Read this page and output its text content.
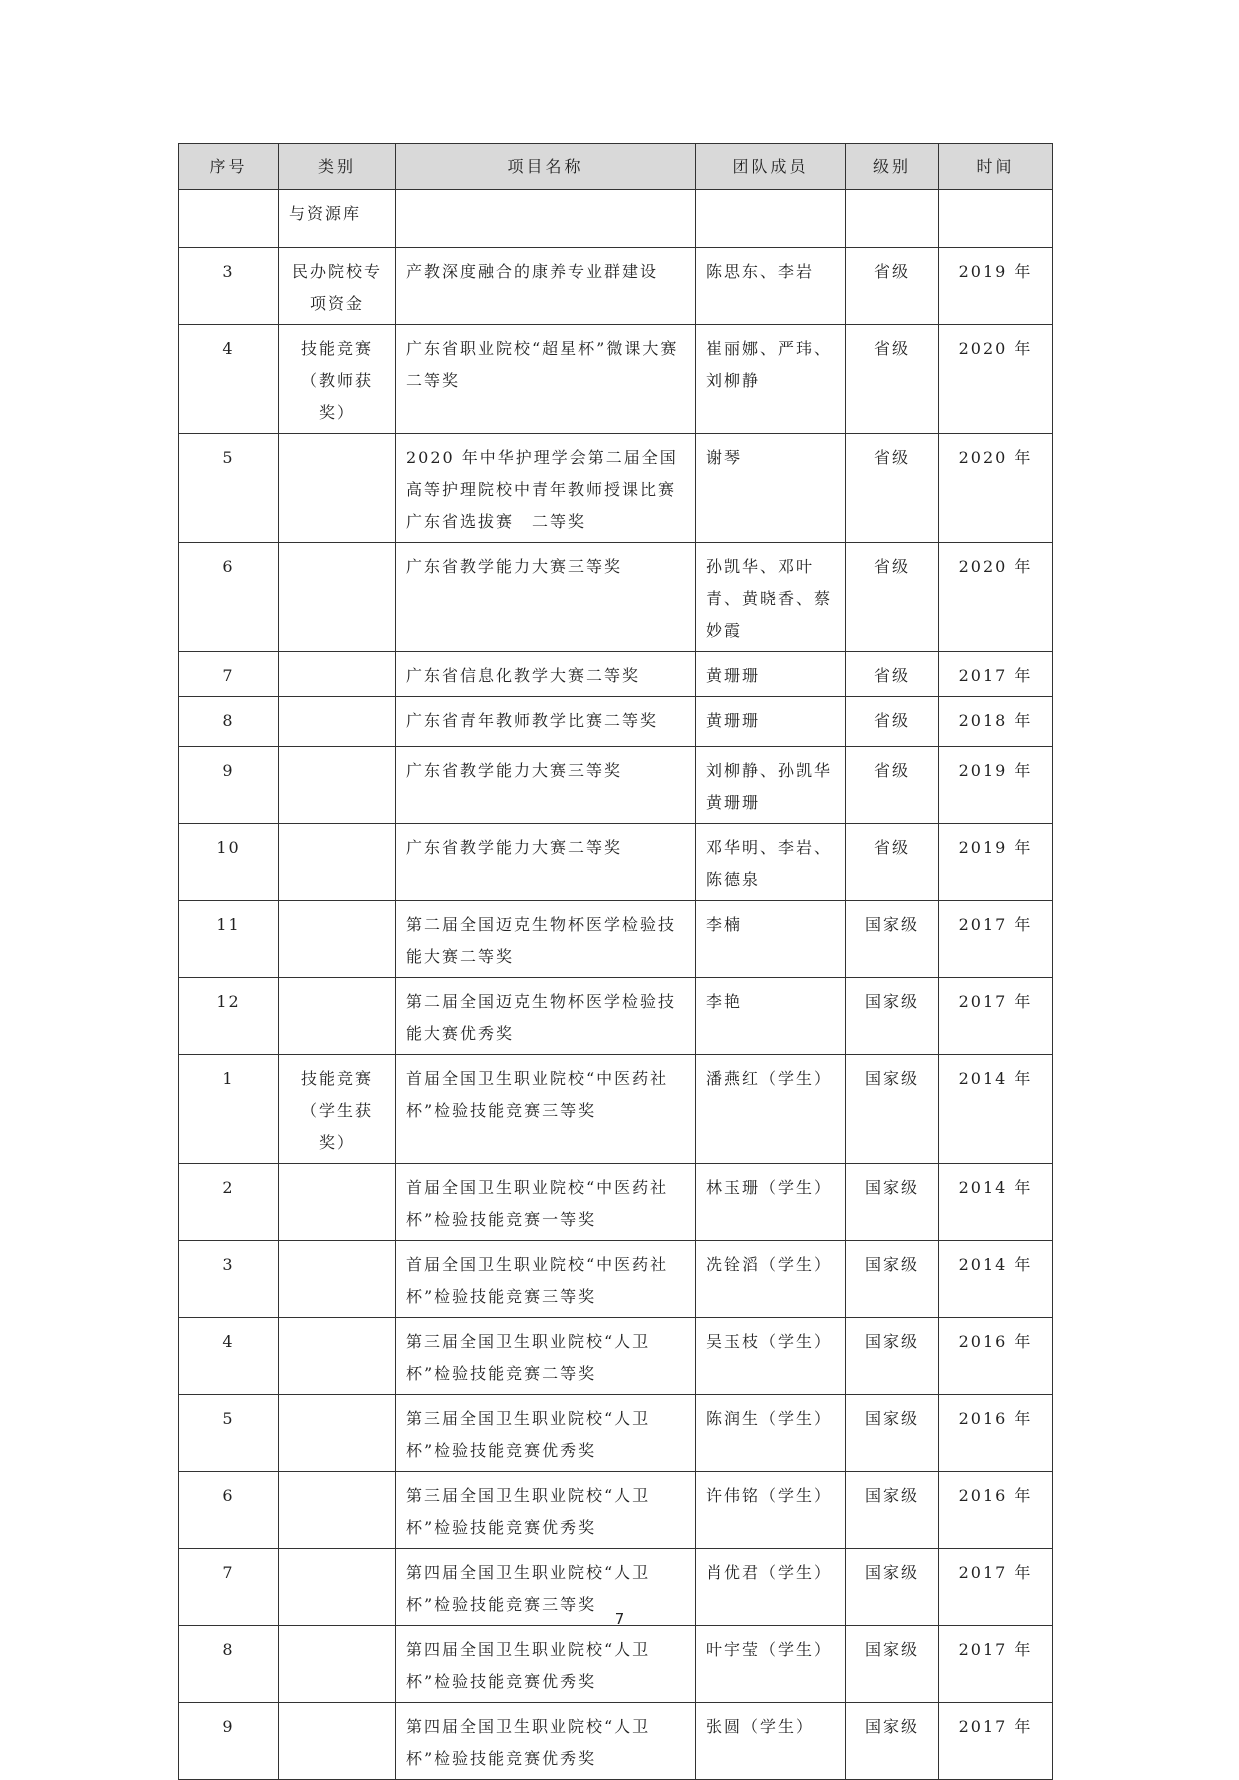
序号	类别	项目名称	团队成员	级别	时间
	与资源库				
3	民办院校专项资金	产教深度融合的康养专业群建设	陈思东、李岩	省级	2019 年
4	技能竞赛（教师获奖）	广东省职业院校“超星杯”微课大赛 二等奖	崔丽娜、严玮、刘柳静	省级	2020 年
5		2020 年中华护理学会第二届全国高等护理院校中青年教师授课比赛广东省选拔赛　二等奖	谢琴	省级	2020 年
6		广东省教学能力大赛三等奖	孙凯华、邓叶青、黄晓香、蔡妙霞	省级	2020 年
7		广东省信息化教学大赛二等奖	黄珊珊	省级	2017 年
8		广东省青年教师教学比赛二等奖	黄珊珊	省级	2018 年
9		广东省教学能力大赛三等奖	刘柳静、孙凯华黄珊珊	省级	2019 年
10		广东省教学能力大赛二等奖	邓华明、李岩、陈德泉	省级	2019 年
11		第二届全国迈克生物杯医学检验技能大赛二等奖	李楠	国家级	2017 年
12		第二届全国迈克生物杯医学检验技能大赛优秀奖	李艳	国家级	2017 年
1	技能竞赛（学生获奖）	首届全国卫生职业院校“中医药社杯”检验技能竞赛三等奖	潘燕红（学生）	国家级	2014 年
2		首届全国卫生职业院校“中医药社杯”检验技能竞赛一等奖	林玉珊（学生）	国家级	2014 年
3		首届全国卫生职业院校“中医药社杯”检验技能竞赛三等奖	冼铨滔（学生）	国家级	2014 年
4		第三届全国卫生职业院校“人卫杯”检验技能竞赛二等奖	吴玉枝（学生）	国家级	2016 年
5		第三届全国卫生职业院校“人卫杯”检验技能竞赛优秀奖	陈润生（学生）	国家级	2016 年
6		第三届全国卫生职业院校“人卫杯”检验技能竞赛优秀奖	许伟铭（学生）	国家级	2016 年
7		第四届全国卫生职业院校“人卫杯”检验技能竞赛三等奖	肖优君（学生）	国家级	2017 年
8		第四届全国卫生职业院校“人卫杯”检验技能竞赛优秀奖	叶宇莹（学生）	国家级	2017 年
9		第四届全国卫生职业院校“人卫杯”检验技能竞赛优秀奖	张圆（学生）	国家级	2017 年
7
